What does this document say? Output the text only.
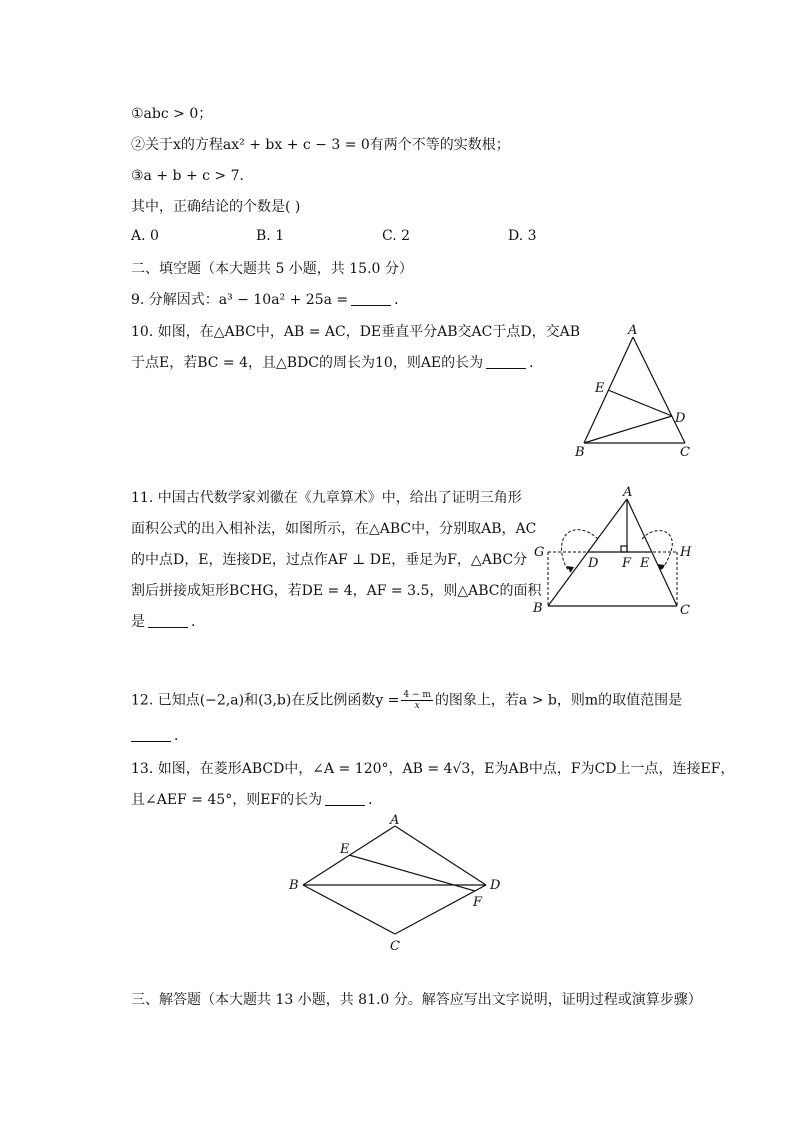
①abc > 0；
②关于x的方程ax² + bx + c − 3 = 0有两个不等的实数根；
③a + b + c > 7．
其中，正确结论的个数是( )
A. 0	B. 1	C. 2	D. 3
二、填空题（本大题共 5 小题，共 15.0 分）
9. 分解因式：a³ − 10a² + 25a =	．
10. 如图，在△ABC中，AB = AC，DE垂直平分AB交AC于点D，交AB
于点E，若BC = 4，且△BDC的周长为10，则AE的长为	．
A
E
D
B	C
11. 中国古代数学家刘徽在《九章算术》中，给出了证明三角形
面积公式的出入相补法，如图所示，在△ABC中，分别取AB，AC
的中点D，E，连接DE，过点作AF ⊥ DE，垂足为F，△ABC分
割后拼接成矩形BCHG，若DE = 4，AF = 3.5，则△ABC的面积
是	．
A
G
D F E
H
B	C
12. 已知点(−2,a)和(3,b)在反比例函数$y = \frac{4 - m}{x}$ 的图象上，若a > b，则m的取值范围是
．
13. 如图，在菱形ABCD中，∠A = 120°，AB = 4√3，E为AB中点，F为CD上一点，连接EF，
且∠AEF = 45°，则EF的长为	．
A
E
B	D
F
C
三、解答题（本大题共 13 小题，共 81.0 分。解答应写出文字说明，证明过程或演算步骤）
